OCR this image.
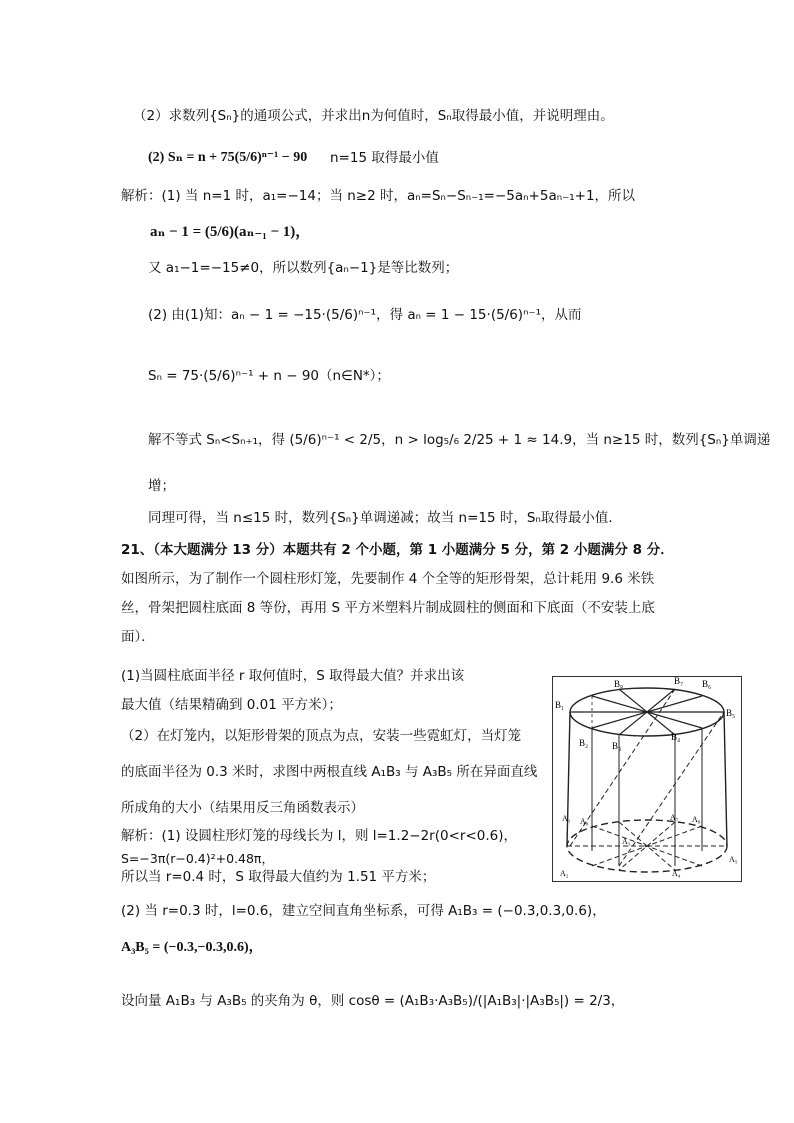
（2）求数列{Sₙ}的通项公式，并求出n为何值时，Sₙ取得最小值，并说明理由。
(2) Sₙ = n + 75(5/6)ⁿ⁻¹ − 90 n=15 取得最小值
解析：(1) 当 n=1 时，a₁=−14；当 n≥2 时，aₙ=Sₙ−Sₙ₋₁=−5aₙ+5aₙ₋₁+1，所以
aₙ − 1 = (5/6)(aₙ₋₁ − 1)，
又 a₁−1=−15≠0，所以数列{aₙ−1}是等比数列；
(2) 由(1)知：aₙ − 1 = −15·(5/6)ⁿ⁻¹，得 aₙ = 1 − 15·(5/6)ⁿ⁻¹，从而
Sₙ = 75·(5/6)ⁿ⁻¹ + n − 90（n∈N*）；
解不等式 Sₙ<Sₙ₊₁，得 (5/6)ⁿ⁻¹ < 2/5，n > log₅/₆ 2/25 + 1 ≈ 14.9，当 n≥15 时，数列{Sₙ}单调递
增；
同理可得，当 n≤15 时，数列{Sₙ}单调递减；故当 n=15 时，Sₙ取得最小值．
21、（本大题满分 13 分）本题共有 2 个小题，第 1 小题满分 5 分，第 2 小题满分 8 分．
如图所示，为了制作一个圆柱形灯笼，先要制作 4 个全等的矩形骨架，总计耗用 9.6 米铁
丝，骨架把圆柱底面 8 等份，再用 S 平方米塑料片制成圆柱的侧面和下底面（不安装上底
面）．
(1)当圆柱底面半径 r 取何值时，S 取得最大值？并求出该
最大值（结果精确到 0.01 平方米）；
（2）在灯笼内，以矩形骨架的顶点为点，安装一些霓虹灯，当灯笼
的底面半径为 0.3 米时，求图中两根直线 A₁B₃ 与 A₃B₅ 所在异面直线
所成角的大小（结果用反三角函数表示）
解析：(1) 设圆柱形灯笼的母线长为 l，则 l=1.2−2r(0<r<0.6)，
S=−3π(r−0.4)²+0.48π，
所以当 r=0.4 时，S 取得最大值约为 1.51 平方米；
(2) 当 r=0.3 时，l=0.6，建立空间直角坐标系，可得 A₁B₃ = (−0.3,0.3,0.6)，
A₃B₅ = (−0.3,−0.3,0.6)，
设向量 A₁B₃ 与 A₃B₅ 的夹角为 θ，则 cosθ = (A₁B₃·A₃B₅)/(|A₁B₃|·|A₃B₅|) = 2/3，
B₁
B₈	B₇ B₆
B₅
B₂	B₃
B₄
A₁ A₈	A₇ A₆
A₂
A₃
A₄
A₅
